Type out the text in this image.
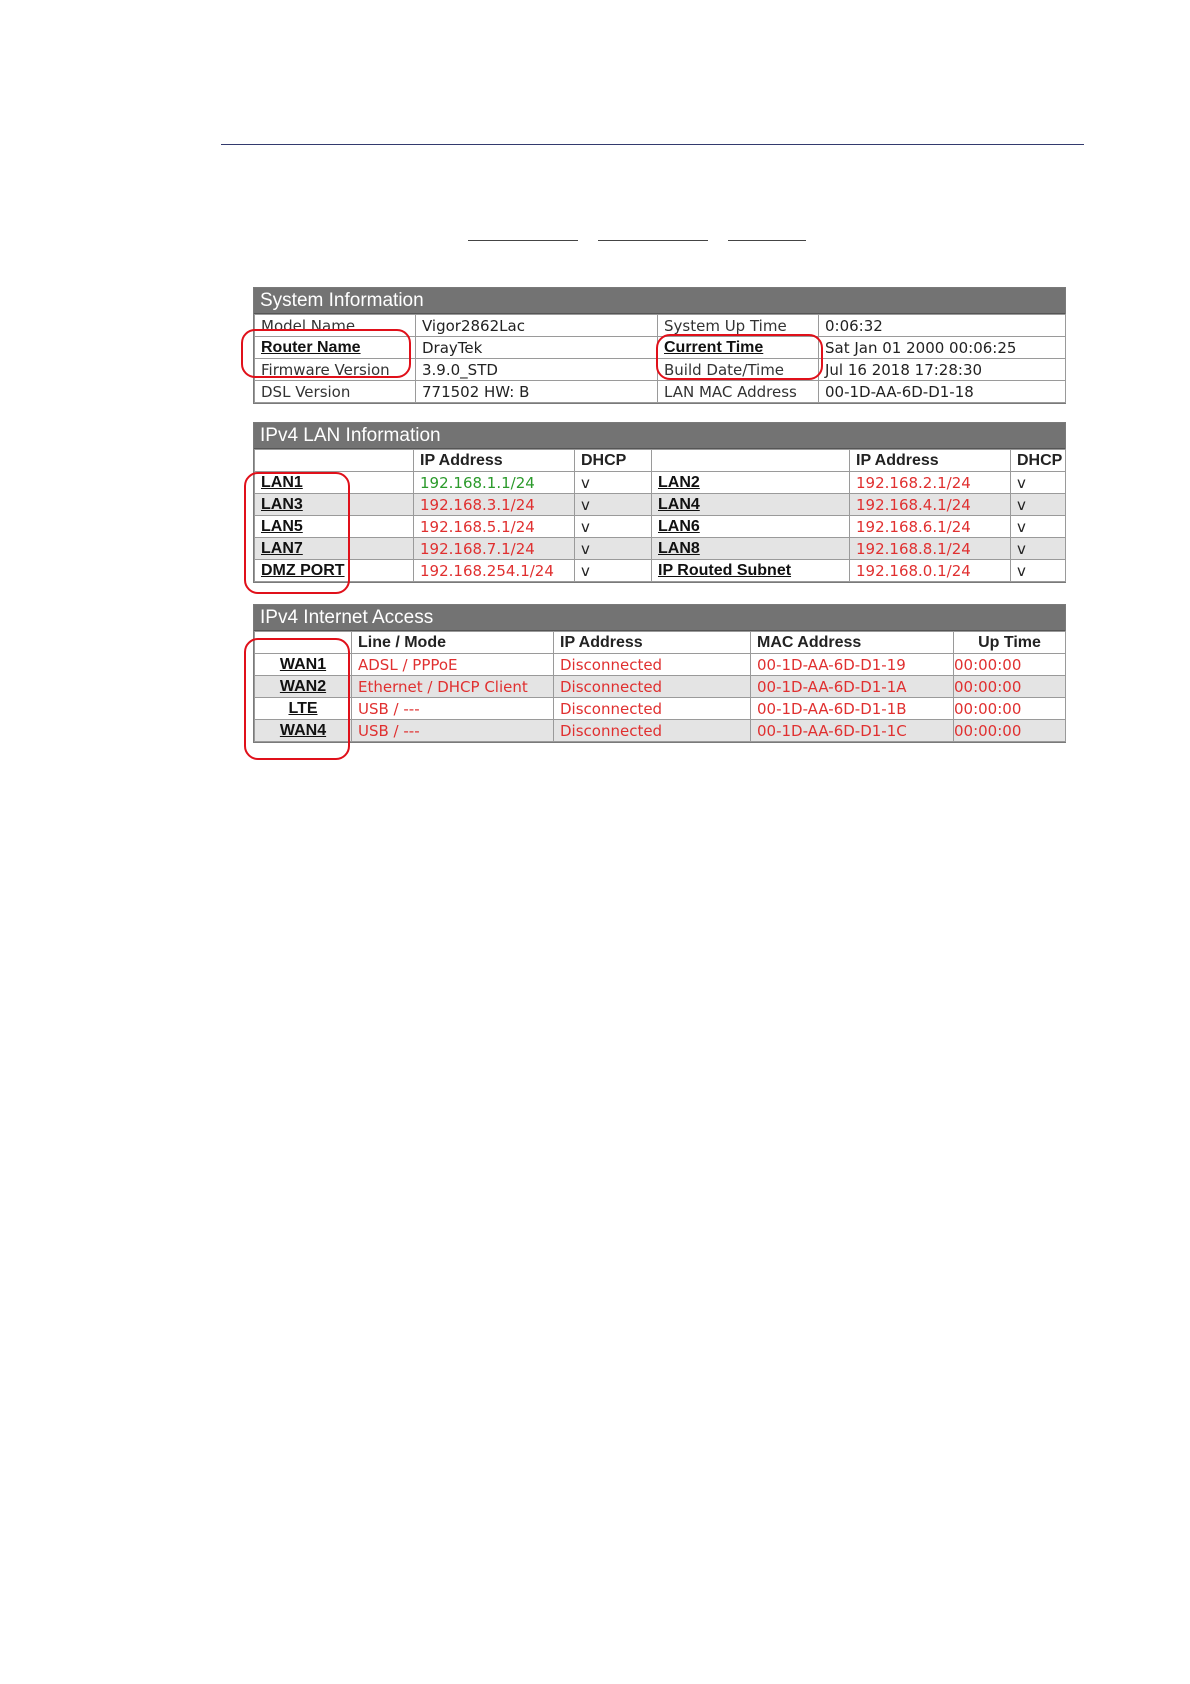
System Information
Model Name	Vigor2862Lac	System Up Time	0:06:32
Router Name	DrayTek	Current Time	Sat Jan 01 2000 00:06:25
Firmware Version	3.9.0_STD	Build Date/Time	Jul 16 2018 17:28:30
DSL Version	771502 HW: B	LAN MAC Address	00-1D-AA-6D-D1-18
IPv4 LAN Information
	IP Address	DHCP		IP Address	DHCP
LAN1	192.168.1.1/24	v	LAN2	192.168.2.1/24	v
LAN3	192.168.3.1/24	v	LAN4	192.168.4.1/24	v
LAN5	192.168.5.1/24	v	LAN6	192.168.6.1/24	v
LAN7	192.168.7.1/24	v	LAN8	192.168.8.1/24	v
DMZ PORT	192.168.254.1/24	v	IP Routed Subnet	192.168.0.1/24	v
IPv4 Internet Access
	Line / Mode	IP Address	MAC Address	Up Time
WAN1	ADSL / PPPoE	Disconnected	00-1D-AA-6D-D1-19	00:00:00
WAN2	Ethernet / DHCP Client	Disconnected	00-1D-AA-6D-D1-1A	00:00:00
LTE	USB / ---	Disconnected	00-1D-AA-6D-D1-1B	00:00:00
WAN4	USB / ---	Disconnected	00-1D-AA-6D-D1-1C	00:00:00
